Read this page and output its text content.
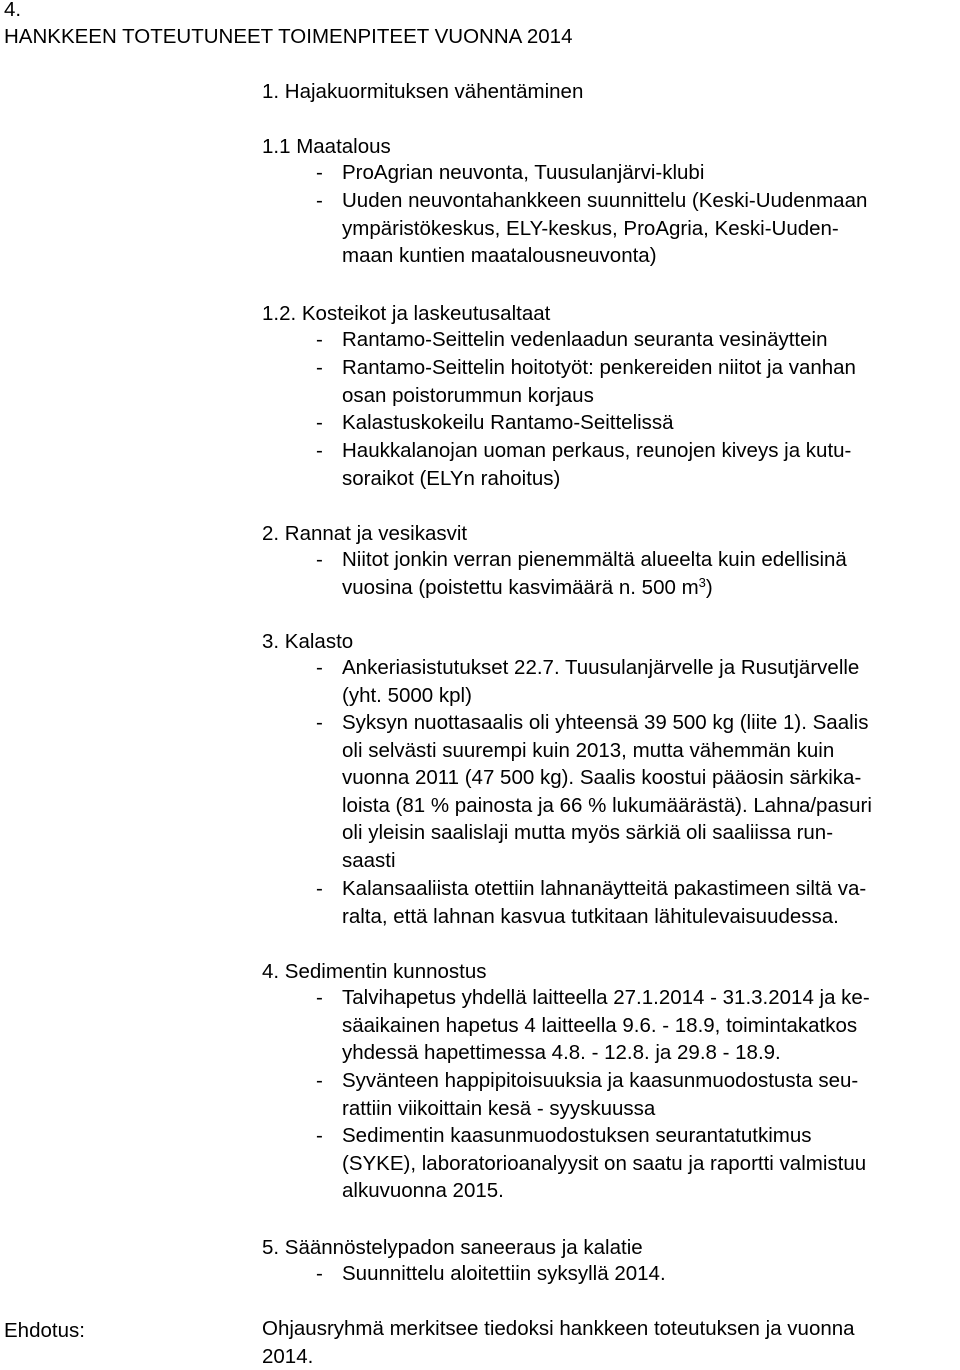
4.
HANKKEEN TOTEUTUNEET TOIMENPITEET VUONNA 2014
1. Hajakuormituksen vähentäminen
1.1 Maatalous
- ProAgrian neuvonta, Tuusulanjärvi-klubi
- Uuden neuvontahankkeen suunnittelu (Keski-Uudenmaan
ympäristökeskus, ELY-keskus, ProAgria, Keski-Uuden-
maan kuntien maatalousneuvonta)
1.2. Kosteikot ja laskeutusaltaat
- Rantamo-Seittelin vedenlaadun seuranta vesinäyttein
- Rantamo-Seittelin hoitotyöt: penkereiden niitot ja vanhan
osan poistorummun korjaus
- Kalastuskokeilu Rantamo-Seittelissä
- Haukkalanojan uoman perkaus, reunojen kiveys ja kutu-
soraikot (ELYn rahoitus)
2. Rannat ja vesikasvit
- Niitot jonkin verran pienemmältä alueelta kuin edellisinä
vuosina (poistettu kasvimäärä n. 500 $m^3$)
3. Kalasto
- Ankeriasistutukset 22.7. Tuusulanjärvelle ja Rusutjärvelle
(yht. 5000 kpl)
- Syksyn nuottasaalis oli yhteensä 39 500 kg (liite 1). Saalis
oli selvästi suurempi kuin 2013, mutta vähemmän kuin
vuonna 2011 (47 500 kg). Saalis koostui pääosin särkika-
loista (81 % painosta ja 66 % lukumäärästä). Lahna/pasuri
oli yleisin saalislaji mutta myös särkiä oli saaliissa run-
saasti
- Kalansaaliista otettiin lahnanäytteitä pakastimeen siltä va-
ralta, että lahnan kasvua tutkitaan lähitulevaisuudessa.
4. Sedimentin kunnostus
- Talvihapetus yhdellä laitteella 27.1.2014 - 31.3.2014 ja ke-
säaikainen hapetus 4 laitteella 9.6. - 18.9, toimintakatkos
yhdessä hapettimessa 4.8. - 12.8. ja 29.8 - 18.9.
- Syvänteen happipitoisuuksia ja kaasunmuodostusta seu-
rattiin viikoittain kesä - syyskuussa
- Sedimentin kaasunmuodostuksen seurantatutkimus
(SYKE), laboratorioanalyysit on saatu ja raportti valmistuu
alkuvuonna 2015.
5. Säännöstelypadon saneeraus ja kalatie
- Suunnittelu aloitettiin syksyllä 2014.
Ehdotus:	Ohjausryhmä merkitsee tiedoksi hankkeen toteutuksen ja vuonna
2014.
